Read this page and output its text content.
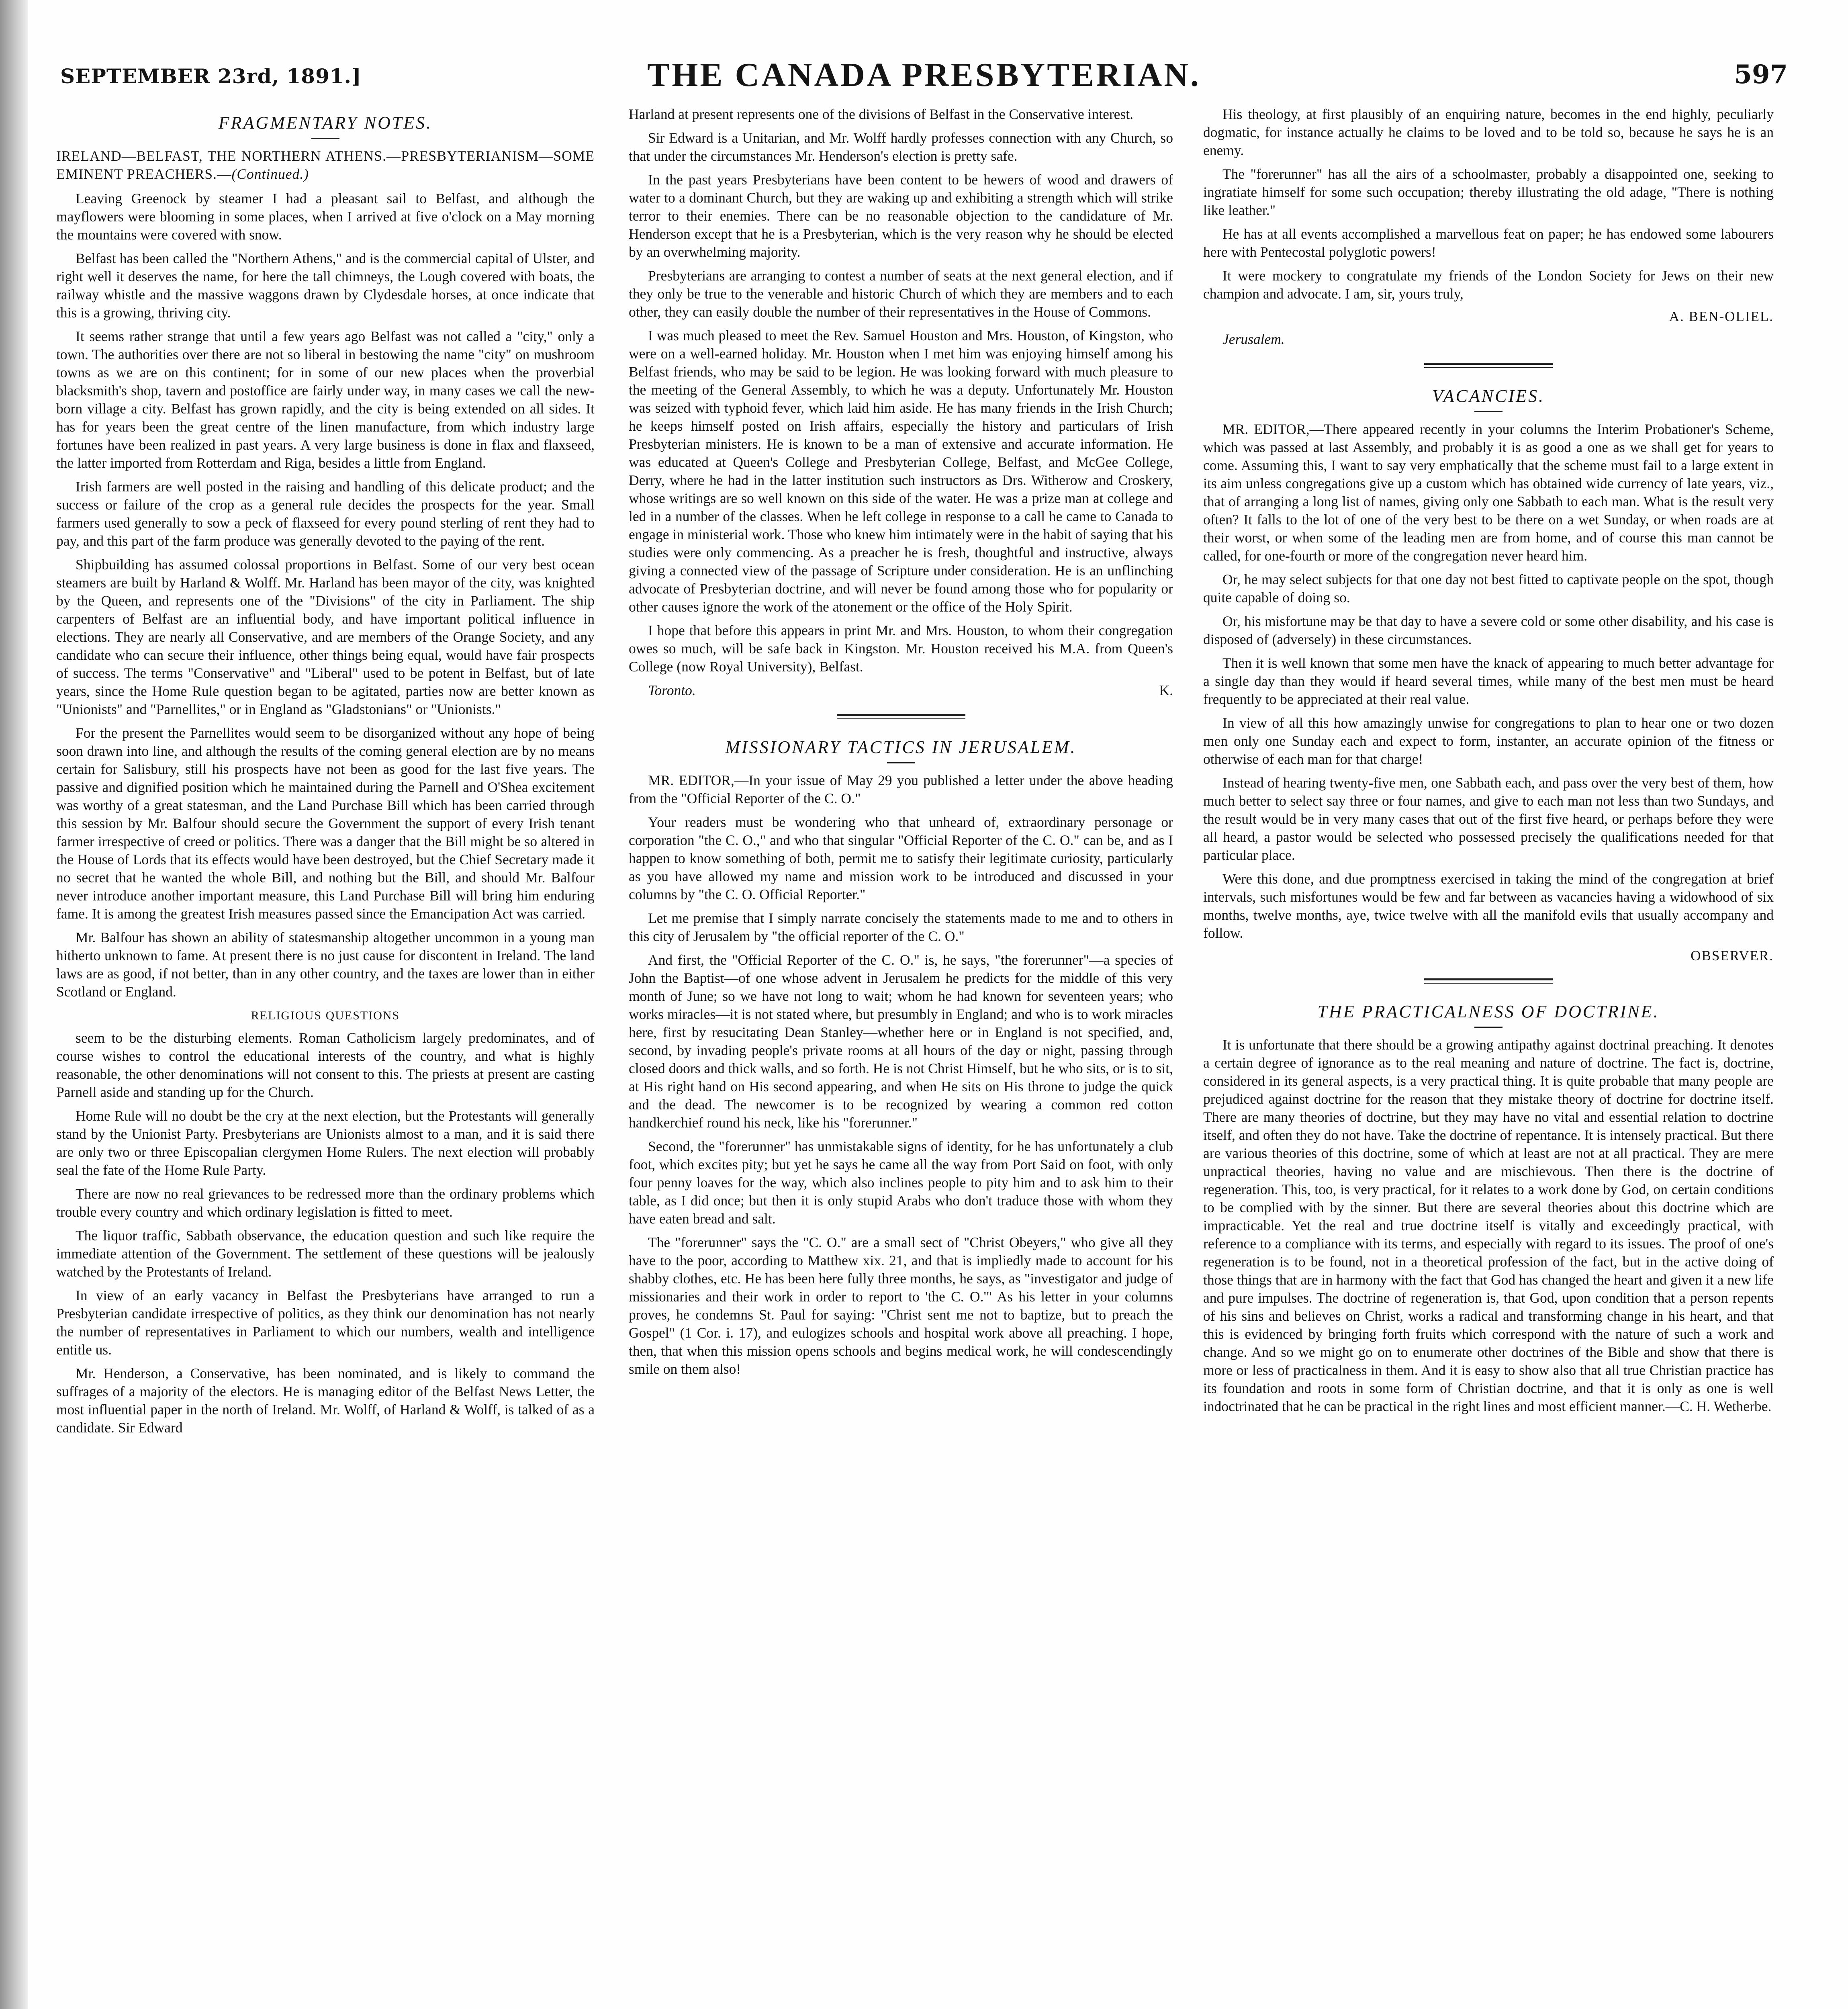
SEPTEMBER 23rd, 1891.]	THE CANADA PRESBYTERIAN.	597
FRAGMENTARY NOTES.
IRELAND—BELFAST, THE NORTHERN ATHENS.—PRESBYTERIANISM—SOME EMINENT PREACHERS.—(Continued.)

Leaving Greenock by steamer I had a pleasant sail to Belfast, and although the mayflowers were blooming in some places, when I arrived at five o'clock on a May morning the mountains were covered with snow.

Belfast has been called the "Northern Athens," and is the commercial capital of Ulster, and right well it deserves the name, for here the tall chimneys, the Lough covered with boats, the railway whistle and the massive waggons drawn by Clydesdale horses, at once indicate that this is a growing, thriving city.

It seems rather strange that until a few years ago Belfast was not called a "city," only a town. The authorities over there are not so liberal in bestowing the name "city" on mushroom towns as we are on this continent; for in some of our new places when the proverbial blacksmith's shop, tavern and postoffice are fairly under way, in many cases we call the new-born village a city. Belfast has grown rapidly, and the city is being extended on all sides. It has for years been the great centre of the linen manufacture, from which industry large fortunes have been realized in past years. A very large business is done in flax and flaxseed, the latter imported from Rotterdam and Riga, besides a little from England.

Irish farmers are well posted in the raising and handling of this delicate product; and the success or failure of the crop as a general rule decides the prospects for the year. Small farmers used generally to sow a peck of flaxseed for every pound sterling of rent they had to pay, and this part of the farm produce was generally devoted to the paying of the rent.

Shipbuilding has assumed colossal proportions in Belfast. Some of our very best ocean steamers are built by Harland & Wolff. Mr. Harland has been mayor of the city, was knighted by the Queen, and represents one of the "Divisions" of the city in Parliament. The ship carpenters of Belfast are an influential body, and have important political influence in elections. They are nearly all Conservative, and are members of the Orange Society, and any candidate who can secure their influence, other things being equal, would have fair prospects of success. The terms "Conservative" and "Liberal" used to be potent in Belfast, but of late years, since the Home Rule question began to be agitated, parties now are better known as "Unionists" and "Parnellites," or in England as "Gladstonians" or "Unionists."

For the present the Parnellites would seem to be disorganized without any hope of being soon drawn into line, and although the results of the coming general election are by no means certain for Salisbury, still his prospects have not been as good for the last five years. The passive and dignified position which he maintained during the Parnell and O'Shea excitement was worthy of a great statesman, and the Land Purchase Bill which has been carried through this session by Mr. Balfour should secure the Government the support of every Irish tenant farmer irrespective of creed or politics. There was a danger that the Bill might be so altered in the House of Lords that its effects would have been destroyed, but the Chief Secretary made it no secret that he wanted the whole Bill, and nothing but the Bill, and should Mr. Balfour never introduce another important measure, this Land Purchase Bill will bring him enduring fame. It is among the greatest Irish measures passed since the Emancipation Act was carried.

Mr. Balfour has shown an ability of statesmanship altogether uncommon in a young man hitherto unknown to fame. At present there is no just cause for discontent in Ireland. The land laws are as good, if not better, than in any other country, and the taxes are lower than in either Scotland or England.

RELIGIOUS QUESTIONS

seem to be the disturbing elements. Roman Catholicism largely predominates, and of course wishes to control the educational interests of the country, and what is highly reasonable, the other denominations will not consent to this. The priests at present are casting Parnell aside and standing up for the Church.

Home Rule will no doubt be the cry at the next election, but the Protestants will generally stand by the Unionist Party. Presbyterians are Unionists almost to a man, and it is said there are only two or three Episcopalian clergymen Home Rulers. The next election will probably seal the fate of the Home Rule Party.

There are now no real grievances to be redressed more than the ordinary problems which trouble every country and which ordinary legislation is fitted to meet.

The liquor traffic, Sabbath observance, the education question and such like require the immediate attention of the Government. The settlement of these questions will be jealously watched by the Protestants of Ireland.

In view of an early vacancy in Belfast the Presbyterians have arranged to run a Presbyterian candidate irrespective of politics, as they think our denomination has not nearly the number of representatives in Parliament to which our numbers, wealth and intelligence entitle us.

Mr. Henderson, a Conservative, has been nominated, and is likely to command the suffrages of a majority of the electors. He is managing editor of the Belfast News Letter, the most influential paper in the north of Ireland. Mr. Wolff, of Harland & Wolff, is talked of as a candidate. Sir Edward

Harland at present represents one of the divisions of Belfast in the Conservative interest.

Sir Edward is a Unitarian, and Mr. Wolff hardly professes connection with any Church, so that under the circumstances Mr. Henderson's election is pretty safe.

In the past years Presbyterians have been content to be hewers of wood and drawers of water to a dominant Church, but they are waking up and exhibiting a strength which will strike terror to their enemies. There can be no reasonable objection to the candidature of Mr. Henderson except that he is a Presbyterian, which is the very reason why he should be elected by an overwhelming majority.

Presbyterians are arranging to contest a number of seats at the next general election, and if they only be true to the venerable and historic Church of which they are members and to each other, they can easily double the number of their representatives in the House of Commons.

I was much pleased to meet the Rev. Samuel Houston and Mrs. Houston, of Kingston, who were on a well-earned holiday. Mr. Houston when I met him was enjoying himself among his Belfast friends, who may be said to be legion. He was looking forward with much pleasure to the meeting of the General Assembly, to which he was a deputy. Unfortunately Mr. Houston was seized with typhoid fever, which laid him aside. He has many friends in the Irish Church; he keeps himself posted on Irish affairs, especially the history and particulars of Irish Presbyterian ministers. He is known to be a man of extensive and accurate information. He was educated at Queen's College and Presbyterian College, Belfast, and McGee College, Derry, where he had in the latter institution such instructors as Drs. Witherow and Croskery, whose writings are so well known on this side of the water. He was a prize man at college and led in a number of the classes. When he left college in response to a call he came to Canada to engage in ministerial work. Those who knew him intimately were in the habit of saying that his studies were only commencing. As a preacher he is fresh, thoughtful and instructive, always giving a connected view of the passage of Scripture under consideration. He is an unflinching advocate of Presbyterian doctrine, and will never be found among those who for popularity or other causes ignore the work of the atonement or the office of the Holy Spirit.

I hope that before this appears in print Mr. and Mrs. Houston, to whom their congregation owes so much, will be safe back in Kingston. Mr. Houston received his M.A. from Queen's College (now Royal University), Belfast.

Toronto.	K.
MISSIONARY TACTICS IN JERUSALEM.

MR. EDITOR,—In your issue of May 29 you published a letter under the above heading from the "Official Reporter of the C. O."

Your readers must be wondering who that unheard of, extraordinary personage or corporation "the C. O.," and who that singular "Official Reporter of the C. O." can be, and as I happen to know something of both, permit me to satisfy their legitimate curiosity, particularly as you have allowed my name and mission work to be introduced and discussed in your columns by "the C. O. Official Reporter."

Let me premise that I simply narrate concisely the statements made to me and to others in this city of Jerusalem by "the official reporter of the C. O."

And first, the "Official Reporter of the C. O." is, he says, "the forerunner"—a species of John the Baptist—of one whose advent in Jerusalem he predicts for the middle of this very month of June; so we have not long to wait; whom he had known for seventeen years; who works miracles—it is not stated where, but presumbly in England; and who is to work miracles here, first by resucitating Dean Stanley—whether here or in England is not specified, and, second, by invading people's private rooms at all hours of the day or night, passing through closed doors and thick walls, and so forth. He is not Christ Himself, but he who sits, or is to sit, at His right hand on His second appearing, and when He sits on His throne to judge the quick and the dead. The newcomer is to be recognized by wearing a common red cotton handkerchief round his neck, like his "forerunner."

Second, the "forerunner" has unmistakable signs of identity, for he has unfortunately a club foot, which excites pity; but yet he says he came all the way from Port Said on foot, with only four penny loaves for the way, which also inclines people to pity him and to ask him to their table, as I did once; but then it is only stupid Arabs who don't traduce those with whom they have eaten bread and salt.

The "forerunner" says the "C. O." are a small sect of "Christ Obeyers," who give all they have to the poor, according to Matthew xix. 21, and that is impliedly made to account for his shabby clothes, etc. He has been here fully three months, he says, as "investigator and judge of missionaries and their work in order to report to 'the C. O.'" As his letter in your columns proves, he condemns St. Paul for saying: "Christ sent me not to baptize, but to preach the Gospel" (1 Cor. i. 17), and eulogizes schools and hospital work above all preaching. I hope, then, that when this mission opens schools and begins medical work, he will condescendingly smile on them also!

His theology, at first plausibly of an enquiring nature, becomes in the end highly, peculiarly dogmatic, for instance actually he claims to be loved and to be told so, because he says he is an enemy.

The "forerunner" has all the airs of a schoolmaster, probably a disappointed one, seeking to ingratiate himself for some such occupation; thereby illustrating the old adage, "There is nothing like leather."

He has at all events accomplished a marvellous feat on paper; he has endowed some labourers here with Pentecostal polyglotic powers!

It were mockery to congratulate my friends of the London Society for Jews on their new champion and advocate. I am, sir, yours truly,

A. BEN-OLIEL.
Jerusalem.
VACANCIES.

MR. EDITOR,—There appeared recently in your columns the Interim Probationer's Scheme, which was passed at last Assembly, and probably it is as good a one as we shall get for years to come. Assuming this, I want to say very emphatically that the scheme must fail to a large extent in its aim unless congregations give up a custom which has obtained wide currency of late years, viz., that of arranging a long list of names, giving only one Sabbath to each man. What is the result very often? It falls to the lot of one of the very best to be there on a wet Sunday, or when roads are at their worst, or when some of the leading men are from home, and of course this man cannot be called, for one-fourth or more of the congregation never heard him.

Or, he may select subjects for that one day not best fitted to captivate people on the spot, though quite capable of doing so.

Or, his misfortune may be that day to have a severe cold or some other disability, and his case is disposed of (adversely) in these circumstances.

Then it is well known that some men have the knack of appearing to much better advantage for a single day than they would if heard several times, while many of the best men must be heard frequently to be appreciated at their real value.

In view of all this how amazingly unwise for congregations to plan to hear one or two dozen men only one Sunday each and expect to form, instanter, an accurate opinion of the fitness or otherwise of each man for that charge!

Instead of hearing twenty-five men, one Sabbath each, and pass over the very best of them, how much better to select say three or four names, and give to each man not less than two Sundays, and the result would be in very many cases that out of the first five heard, or perhaps before they were all heard, a pastor would be selected who possessed precisely the qualifications needed for that particular place.

Were this done, and due promptness exercised in taking the mind of the congregation at brief intervals, such misfortunes would be few and far between as vacancies having a widowhood of six months, twelve months, aye, twice twelve with all the manifold evils that usually accompany and follow.

OBSERVER.
THE PRACTICALNESS OF DOCTRINE.

It is unfortunate that there should be a growing antipathy against doctrinal preaching. It denotes a certain degree of ignorance as to the real meaning and nature of doctrine. The fact is, doctrine, considered in its general aspects, is a very practical thing. It is quite probable that many people are prejudiced against doctrine for the reason that they mistake theory of doctrine for doctrine itself. There are many theories of doctrine, but they may have no vital and essential relation to doctrine itself, and often they do not have. Take the doctrine of repentance. It is intensely practical. But there are various theories of this doctrine, some of which at least are not at all practical. They are mere unpractical theories, having no value and are mischievous. Then there is the doctrine of regeneration. This, too, is very practical, for it relates to a work done by God, on certain conditions to be complied with by the sinner. But there are several theories about this doctrine which are impracticable. Yet the real and true doctrine itself is vitally and exceedingly practical, with reference to a compliance with its terms, and especially with regard to its issues. The proof of one's regeneration is to be found, not in a theoretical profession of the fact, but in the active doing of those things that are in harmony with the fact that God has changed the heart and given it a new life and pure impulses. The doctrine of regeneration is, that God, upon condition that a person repents of his sins and believes on Christ, works a radical and transforming change in his heart, and that this is evidenced by bringing forth fruits which correspond with the nature of such a work and change. And so we might go on to enumerate other doctrines of the Bible and show that there is more or less of practicalness in them. And it is easy to show also that all true Christian practice has its foundation and roots in some form of Christian doctrine, and that it is only as one is well indoctrinated that he can be practical in the right lines and most efficient manner.—C. H. Wetherbe.
